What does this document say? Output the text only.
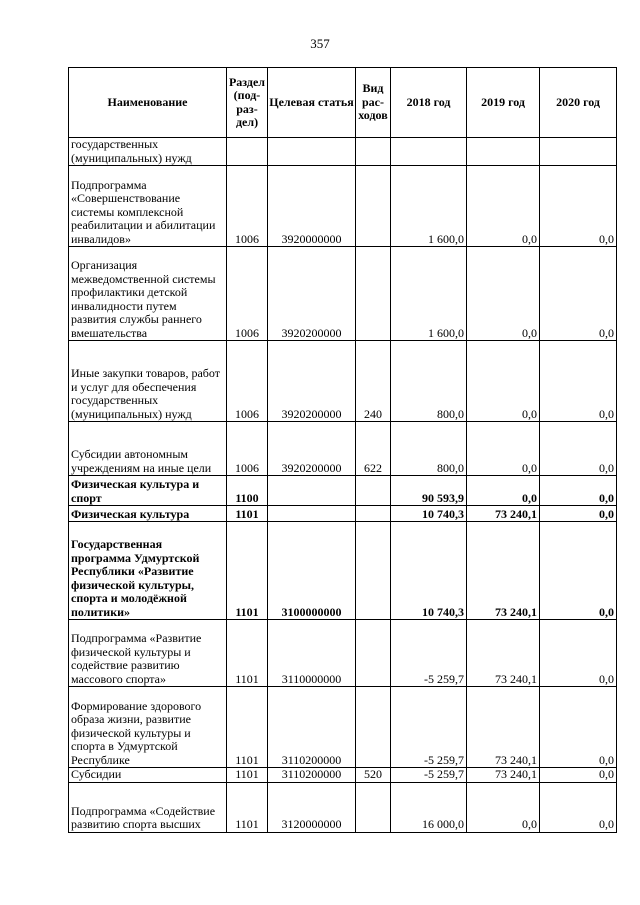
357
Наименование	Раздел (под-раз-дел)	Целевая статья	Вид рас-ходов	2018 год	2019 год	2020 год
государственных (муниципальных) нужд						
Подпрограмма «Совершенствование системы комплексной реабилитации и абилитации инвалидов»	1006	3920000000		1 600,0	0,0	0,0
Организация межведомственной системы профилактики детской инвалидности путем развития службы раннего вмешательства	1006	3920200000		1 600,0	0,0	0,0
Иные закупки товаров, работ и услуг для обеспечения государственных (муниципальных) нужд	1006	3920200000	240	800,0	0,0	0,0
Субсидии автономным учреждениям на иные цели	1006	3920200000	622	800,0	0,0	0,0
Физическая культура и спорт	1100			90 593,9	0,0	0,0
Физическая культура	1101			10 740,3	73 240,1	0,0
Государственная программа Удмуртской Республики «Развитие физической культуры, спорта и молодёжной политики»	1101	3100000000		10 740,3	73 240,1	0,0
Подпрограмма «Развитие физической культуры и содействие развитию массового спорта»	1101	3110000000		-5 259,7	73 240,1	0,0
Формирование здорового образа жизни, развитие физической культуры и спорта в Удмуртской Республике	1101	3110200000		-5 259,7	73 240,1	0,0
Субсидии	1101	3110200000	520	-5 259,7	73 240,1	0,0
Подпрограмма «Содействие развитию спорта высших	1101	3120000000		16 000,0	0,0	0,0
